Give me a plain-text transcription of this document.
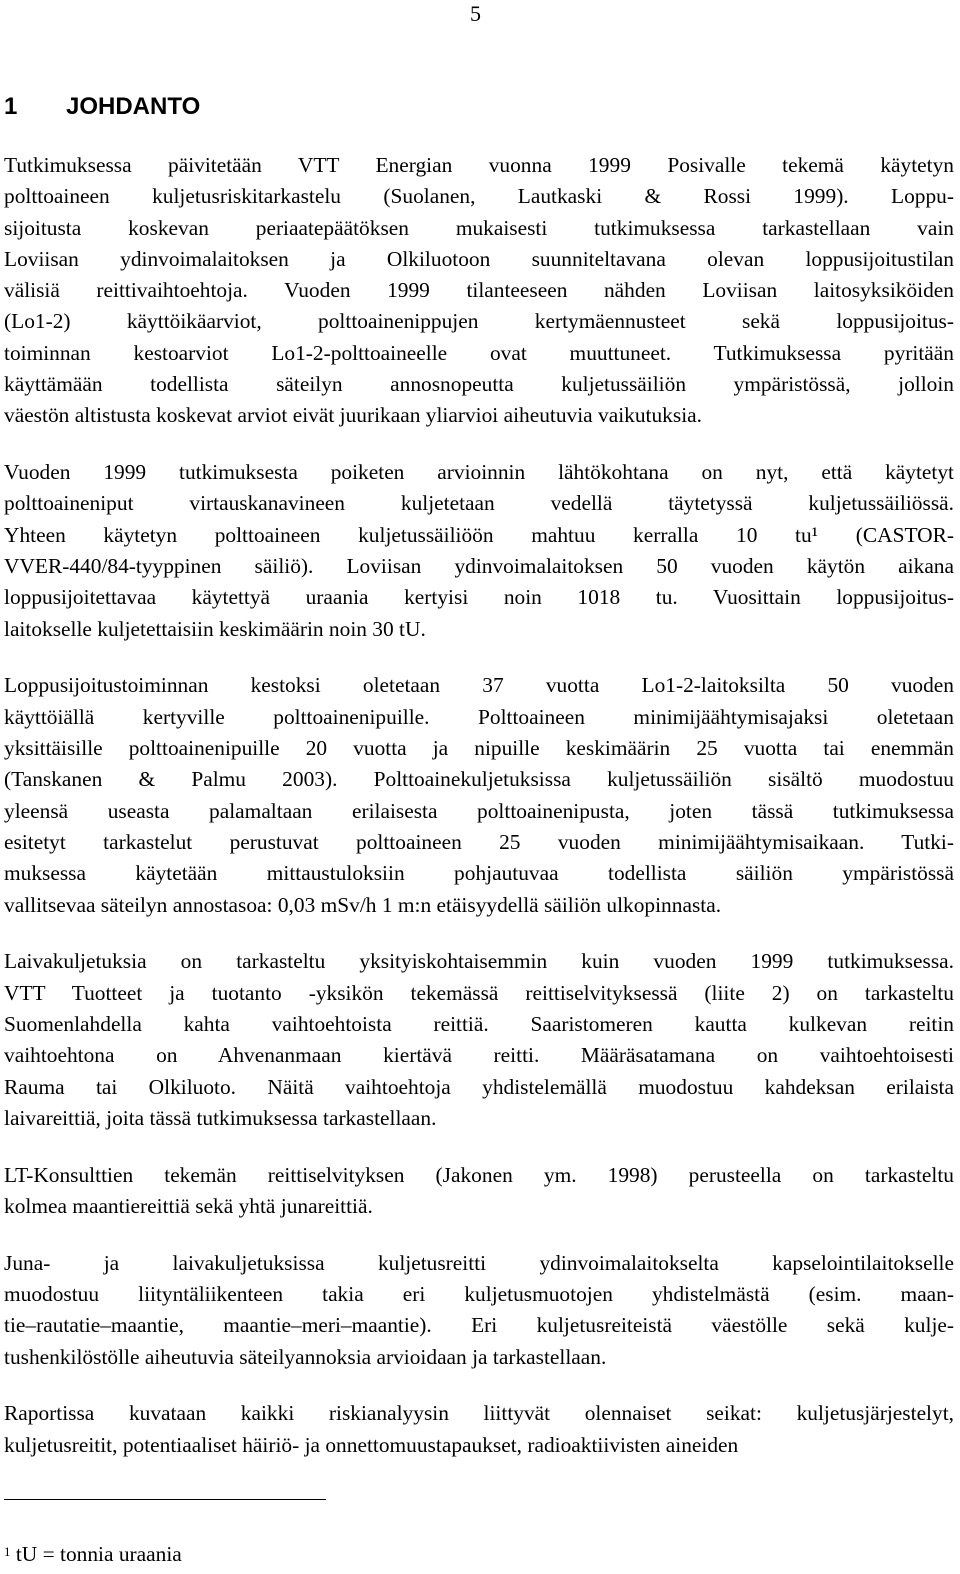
5
1 JOHDANTO
Tutkimuksessa päivitetään VTT Energian vuonna 1999 Posivalle tekemä käytetyn
polttoaineen kuljetusriskitarkastelu (Suolanen, Lautkaski & Rossi 1999). Loppu-
sijoitusta koskevan periaatepäätöksen mukaisesti tutkimuksessa tarkastellaan vain
Loviisan ydinvoimalaitoksen ja Olkiluotoon suunniteltavana olevan loppusijoitustilan
välisiä reittivaihtoehtoja. Vuoden 1999 tilanteeseen nähden Loviisan laitosyksiköiden
(Lo1-2) käyttöikäarviot, polttoainenippujen kertymäennusteet sekä loppusijoitus-
toiminnan kestoarviot Lo1-2-polttoaineelle ovat muuttuneet. Tutkimuksessa pyritään
käyttämään todellista säteilyn annosnopeutta kuljetussäiliön ympäristössä, jolloin
väestön altistusta koskevat arviot eivät juurikaan yliarvioi aiheutuvia vaikutuksia.
Vuoden 1999 tutkimuksesta poiketen arvioinnin lähtökohtana on nyt, että käytetyt
polttoaineniput virtauskanavineen kuljetetaan vedellä täytetyssä kuljetussäiliössä.
Yhteen käytetyn polttoaineen kuljetussäiliöön mahtuu kerralla 10 tu¹ (CASTOR-
VVER-440/84-tyyppinen säiliö). Loviisan ydinvoimalaitoksen 50 vuoden käytön aikana
loppusijoitettavaa käytettyä uraania kertyisi noin 1018 tu. Vuosittain loppusijoitus-
laitokselle kuljetettaisiin keskimäärin noin 30 tU.
Loppusijoitustoiminnan kestoksi oletetaan 37 vuotta Lo1-2-laitoksilta 50 vuoden
käyttöiällä kertyville polttoainenipuille. Polttoaineen minimijäähtymisajaksi oletetaan
yksittäisille polttoainenipuille 20 vuotta ja nipuille keskimäärin 25 vuotta tai enemmän
(Tanskanen & Palmu 2003). Polttoainekuljetuksissa kuljetussäiliön sisältö muodostuu
yleensä useasta palamaltaan erilaisesta polttoainenipusta, joten tässä tutkimuksessa
esitetyt tarkastelut perustuvat polttoaineen 25 vuoden minimijäähtymisaikaan. Tutki-
muksessa käytetään mittaustuloksiin pohjautuvaa todellista säiliön ympäristössä
vallitsevaa säteilyn annostasoa: 0,03 mSv/h 1 m:n etäisyydellä säiliön ulkopinnasta.
Laivakuljetuksia on tarkasteltu yksityiskohtaisemmin kuin vuoden 1999 tutkimuksessa.
VTT Tuotteet ja tuotanto -yksikön tekemässä reittiselvityksessä (liite 2) on tarkasteltu
Suomenlahdella kahta vaihtoehtoista reittiä. Saaristomeren kautta kulkevan reitin
vaihtoehtona on Ahvenanmaan kiertävä reitti. Määräsatamana on vaihtoehtoisesti
Rauma tai Olkiluoto. Näitä vaihtoehtoja yhdistelemällä muodostuu kahdeksan erilaista
laivareittiä, joita tässä tutkimuksessa tarkastellaan.
LT-Konsulttien tekemän reittiselvityksen (Jakonen ym. 1998) perusteella on tarkasteltu
kolmea maantiereittiä sekä yhtä junareittiä.
Juna- ja laivakuljetuksissa kuljetusreitti ydinvoimalaitokselta kapselointilaitokselle
muodostuu liityntäliikenteen takia eri kuljetusmuotojen yhdistelmästä (esim. maan-
tie–rautatie–maantie, maantie–meri–maantie). Eri kuljetusreiteistä väestölle sekä kulje-
tushenkilöstölle aiheutuvia säteilyannoksia arvioidaan ja tarkastellaan.
Raportissa kuvataan kaikki riskianalyysin liittyvät olennaiset seikat: kuljetusjärjestelyt,
kuljetusreitit, potentiaaliset häiriö- ja onnettomuustapaukset, radioaktiivisten aineiden
$^1$ tU = tonnia uraania
